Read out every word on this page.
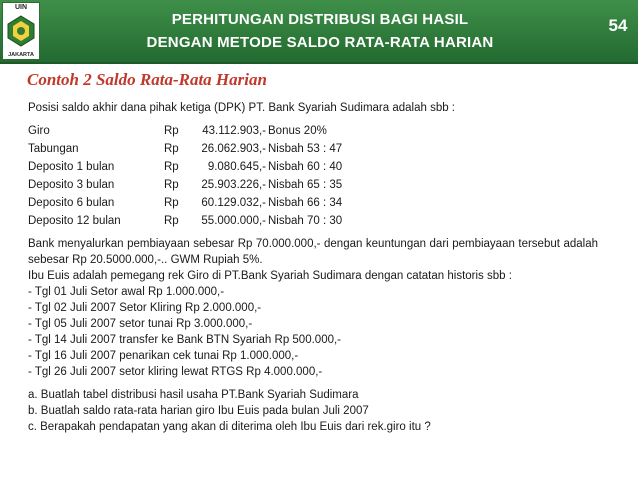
UIN
JAKARTA
PERHITUNGAN DISTRIBUSI BAGI HASIL
DENGAN METODE SALDO RATA-RATA HARIAN
54
Contoh 2 Saldo Rata-Rata Harian
Posisi saldo akhir dana pihak ketiga (DPK) PT. Bank Syariah Sudimara adalah sbb :
Giro	Rp	43.112.903,- Bonus 20%
Tabungan	Rp	26.062.903,- Nisbah 53 : 47
Deposito 1 bulan	Rp	9.080.645,- Nisbah 60 : 40
Deposito 3 bulan	Rp	25.903.226,- Nisbah 65 : 35
Deposito 6 bulan	Rp	60.129.032,- Nisbah 66 : 34
Deposito 12 bulan	Rp	55.000.000,- Nisbah 70 : 30
Bank menyalurkan pembiayaan sebesar Rp 70.000.000,- dengan keuntungan dari pembiayaan tersebut adalah sebesar Rp 20.5000.000,-.. GWM Rupiah 5%.
Ibu Euis adalah pemegang rek Giro di PT.Bank Syariah Sudimara dengan catatan historis sbb :
- Tgl 01 Juli Setor awal Rp 1.000.000,-
- Tgl 02 Juli 2007 Setor Kliring Rp 2.000.000,-
- Tgl 05 Juli 2007 setor tunai Rp 3.000.000,-
- Tgl 14 Juli 2007 transfer ke Bank BTN Syariah Rp 500.000,-
- Tgl 16 Juli 2007 penarikan cek tunai Rp 1.000.000,-
- Tgl 26 Juli 2007 setor kliring lewat RTGS Rp 4.000.000,-
a. Buatlah tabel distribusi hasil usaha PT.Bank Syariah Sudimara
b. Buatlah saldo rata-rata harian giro Ibu Euis pada bulan Juli 2007
c. Berapakah pendapatan yang akan di diterima oleh Ibu Euis dari rek.giro itu ?
